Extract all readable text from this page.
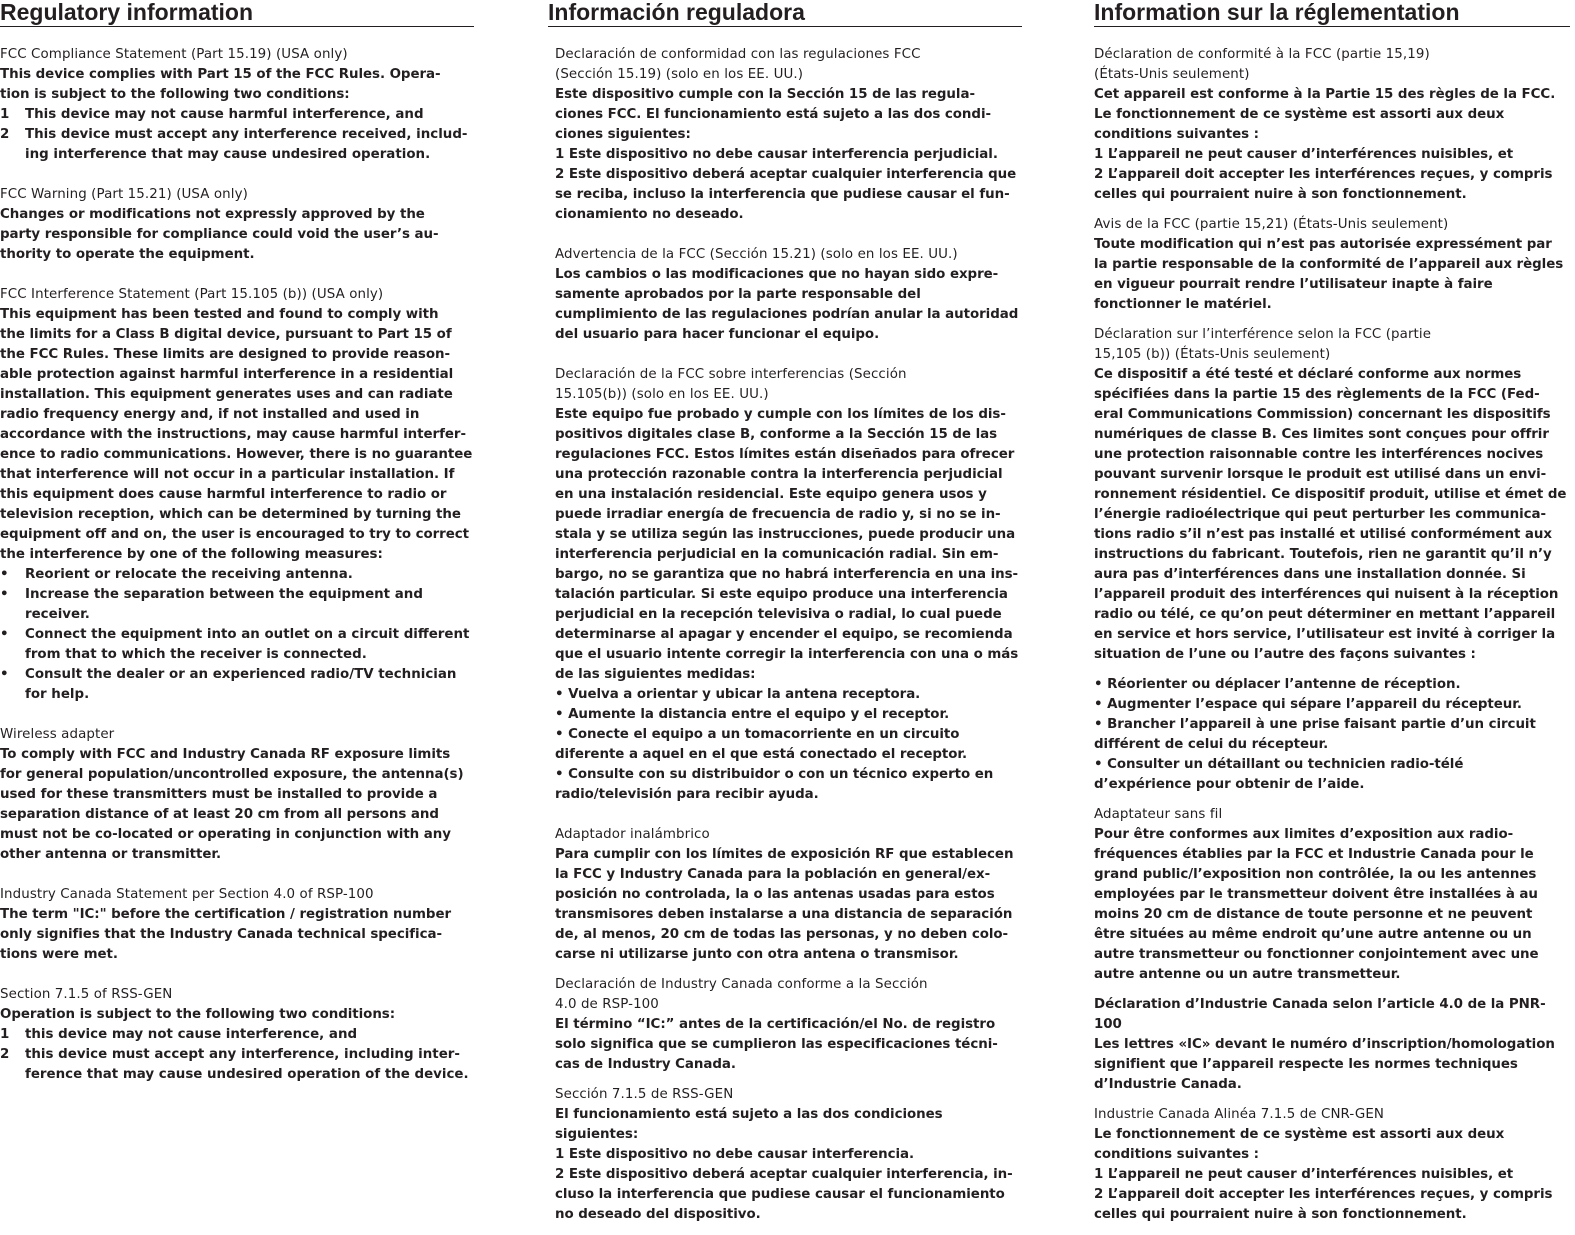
Regulatory information
FCC Compliance Statement (Part 15.19) (USA only)

This device complies with Part 15 of the FCC Rules. Opera-

tion is subject to the following two conditions:

1 This device may not cause harmful interference, and
2 This device must accept any interference received, includ-
ing interference that may cause undesired operation.
FCC Warning (Part 15.21) (USA only)

Changes or modifications not expressly approved by the

party responsible for compliance could void the user’s au-

thority to operate the equipment.

FCC Interference Statement (Part 15.105 (b)) (USA only)

This equipment has been tested and found to comply with

the limits for a Class B digital device, pursuant to Part 15 of

the FCC Rules. These limits are designed to provide reason-

able protection against harmful interference in a residential

installation. This equipment generates uses and can radiate

radio frequency energy and, if not installed and used in

accordance with the instructions, may cause harmful interfer-

ence to radio communications. However, there is no guarantee

that interference will not occur in a particular installation. If

this equipment does cause harmful interference to radio or

television reception, which can be determined by turning the

equipment off and on, the user is encouraged to try to correct

the interference by one of the following measures:

• Reorient or relocate the receiving antenna.
• Increase the separation between the equipment and
receiver.
• Connect the equipment into an outlet on a circuit different
from that to which the receiver is connected.
• Consult the dealer or an experienced radio/TV technician
for help.
Wireless adapter

To comply with FCC and Industry Canada RF exposure limits

for general population/uncontrolled exposure, the antenna(s)

used for these transmitters must be installed to provide a

separation distance of at least 20 cm from all persons and

must not be co-located or operating in conjunction with any

other antenna or transmitter.

Industry Canada Statement per Section 4.0 of RSP-100

The term "IC:" before the certification / registration number

only signifies that the Industry Canada technical specifica-

tions were met.

Section 7.1.5 of RSS-GEN

Operation is subject to the following two conditions:

1 this device may not cause interference, and
2 this device must accept any interference, including inter-
ference that may cause undesired operation of the device.
Información reguladora
Declaración de conformidad con las regulaciones FCC
(Sección 15.19) (solo en los EE. UU.)

Este dispositivo cumple con la Sección 15 de las regula-

ciones FCC. El funcionamiento está sujeto a las dos condi-

ciones siguientes:

1 Este dispositivo no debe causar interferencia perjudicial.

2 Este dispositivo deberá aceptar cualquier interferencia que

se reciba, incluso la interferencia que pudiese causar el fun-

cionamiento no deseado.

Advertencia de la FCC (Sección 15.21) (solo en los EE. UU.)

Los cambios o las modificaciones que no hayan sido expre-

samente aprobados por la parte responsable del

cumplimiento de las regulaciones podrían anular la autoridad

del usuario para hacer funcionar el equipo.

Declaración de la FCC sobre interferencias (Sección
15.105(b)) (solo en los EE. UU.)

Este equipo fue probado y cumple con los límites de los dis-

positivos digitales clase B, conforme a la Sección 15 de las

regulaciones FCC. Estos límites están diseñados para ofrecer

una protección razonable contra la interferencia perjudicial

en una instalación residencial. Este equipo genera usos y

puede irradiar energía de frecuencia de radio y, si no se in-

stala y se utiliza según las instrucciones, puede producir una

interferencia perjudicial en la comunicación radial. Sin em-

bargo, no se garantiza que no habrá interferencia en una ins-

talación particular. Si este equipo produce una interferencia

perjudicial en la recepción televisiva o radial, lo cual puede

determinarse al apagar y encender el equipo, se recomienda

que el usuario intente corregir la interferencia con una o más

de las siguientes medidas:

• Vuelva a orientar y ubicar la antena receptora.

• Aumente la distancia entre el equipo y el receptor.

• Conecte el equipo a un tomacorriente en un circuito

diferente a aquel en el que está conectado el receptor.

• Consulte con su distribuidor o con un técnico experto en

radio/televisión para recibir ayuda.

Adaptador inalámbrico

Para cumplir con los límites de exposición RF que establecen

la FCC y Industry Canada para la población en general/ex-

posición no controlada, la o las antenas usadas para estos

transmisores deben instalarse a una distancia de separación

de, al menos, 20 cm de todas las personas, y no deben colo-

carse ni utilizarse junto con otra antena o transmisor.

Declaración de Industry Canada conforme a la Sección
4.0 de RSP-100

El término “IC:” antes de la certificación/el No. de registro

solo significa que se cumplieron las especificaciones técni-

cas de Industry Canada.

Sección 7.1.5 de RSS-GEN

El funcionamiento está sujeto a las dos condiciones siguientes:

1 Este dispositivo no debe causar interferencia.

2 Este dispositivo deberá aceptar cualquier interferencia, in-

cluso la interferencia que pudiese causar el funcionamiento

no deseado del dispositivo.

Information sur la réglementation
Déclaration de conformité à la FCC (partie 15,19)
(États-Unis seulement)

Cet appareil est conforme à la Partie 15 des règles de la FCC.

Le fonctionnement de ce système est assorti aux deux

conditions suivantes :

1 L’appareil ne peut causer d’interférences nuisibles, et

2 L’appareil doit accepter les interférences reçues, y compris

celles qui pourraient nuire à son fonctionnement.

Avis de la FCC (partie 15,21) (États-Unis seulement)

Toute modification qui n’est pas autorisée expressément par

la partie responsable de la conformité de l’appareil aux règles

en vigueur pourrait rendre l’utilisateur inapte à faire

fonctionner le matériel.

Déclaration sur l’interférence selon la FCC (partie
15,105 (b)) (États-Unis seulement)

Ce dispositif a été testé et déclaré conforme aux normes

spécifiées dans la partie 15 des règlements de la FCC (Fed-

eral Communications Commission) concernant les dispositifs

numériques de classe B. Ces limites sont conçues pour offrir

une protection raisonnable contre les interférences nocives

pouvant survenir lorsque le produit est utilisé dans un envi-

ronnement résidentiel. Ce dispositif produit, utilise et émet de

l’énergie radioélectrique qui peut perturber les communica-

tions radio s’il n’est pas installé et utilisé conformément aux

instructions du fabricant. Toutefois, rien ne garantit qu’il n’y

aura pas d’interférences dans une installation donnée. Si

l’appareil produit des interférences qui nuisent à la réception

radio ou télé, ce qu’on peut déterminer en mettant l’appareil

en service et hors service, l’utilisateur est invité à corriger la

situation de l’une ou l’autre des façons suivantes :

• Réorienter ou déplacer l’antenne de réception.

• Augmenter l’espace qui sépare l’appareil du récepteur.

• Brancher l’appareil à une prise faisant partie d’un circuit

différent de celui du récepteur.

• Consulter un détaillant ou technicien radio-télé

d’expérience pour obtenir de l’aide.

Adaptateur sans fil

Pour être conformes aux limites d’exposition aux radio-

fréquences établies par la FCC et Industrie Canada pour le

grand public/l’exposition non contrôlée, la ou les antennes

employées par le transmetteur doivent être installées à au

moins 20 cm de distance de toute personne et ne peuvent

être situées au même endroit qu’une autre antenne ou un

autre transmetteur ou fonctionner conjointement avec une

autre antenne ou un autre transmetteur.

Déclaration d’Industrie Canada selon l’article 4.0 de la PNR-100

Les lettres «IC» devant le numéro d’inscription/homologation

signifient que l’appareil respecte les normes techniques

d’Industrie Canada.

Industrie Canada Alinéa 7.1.5 de CNR-GEN

Le fonctionnement de ce système est assorti aux deux

conditions suivantes :

1 L’appareil ne peut causer d’interférences nuisibles, et

2 L’appareil doit accepter les interférences reçues, y compris

celles qui pourraient nuire à son fonctionnement.
